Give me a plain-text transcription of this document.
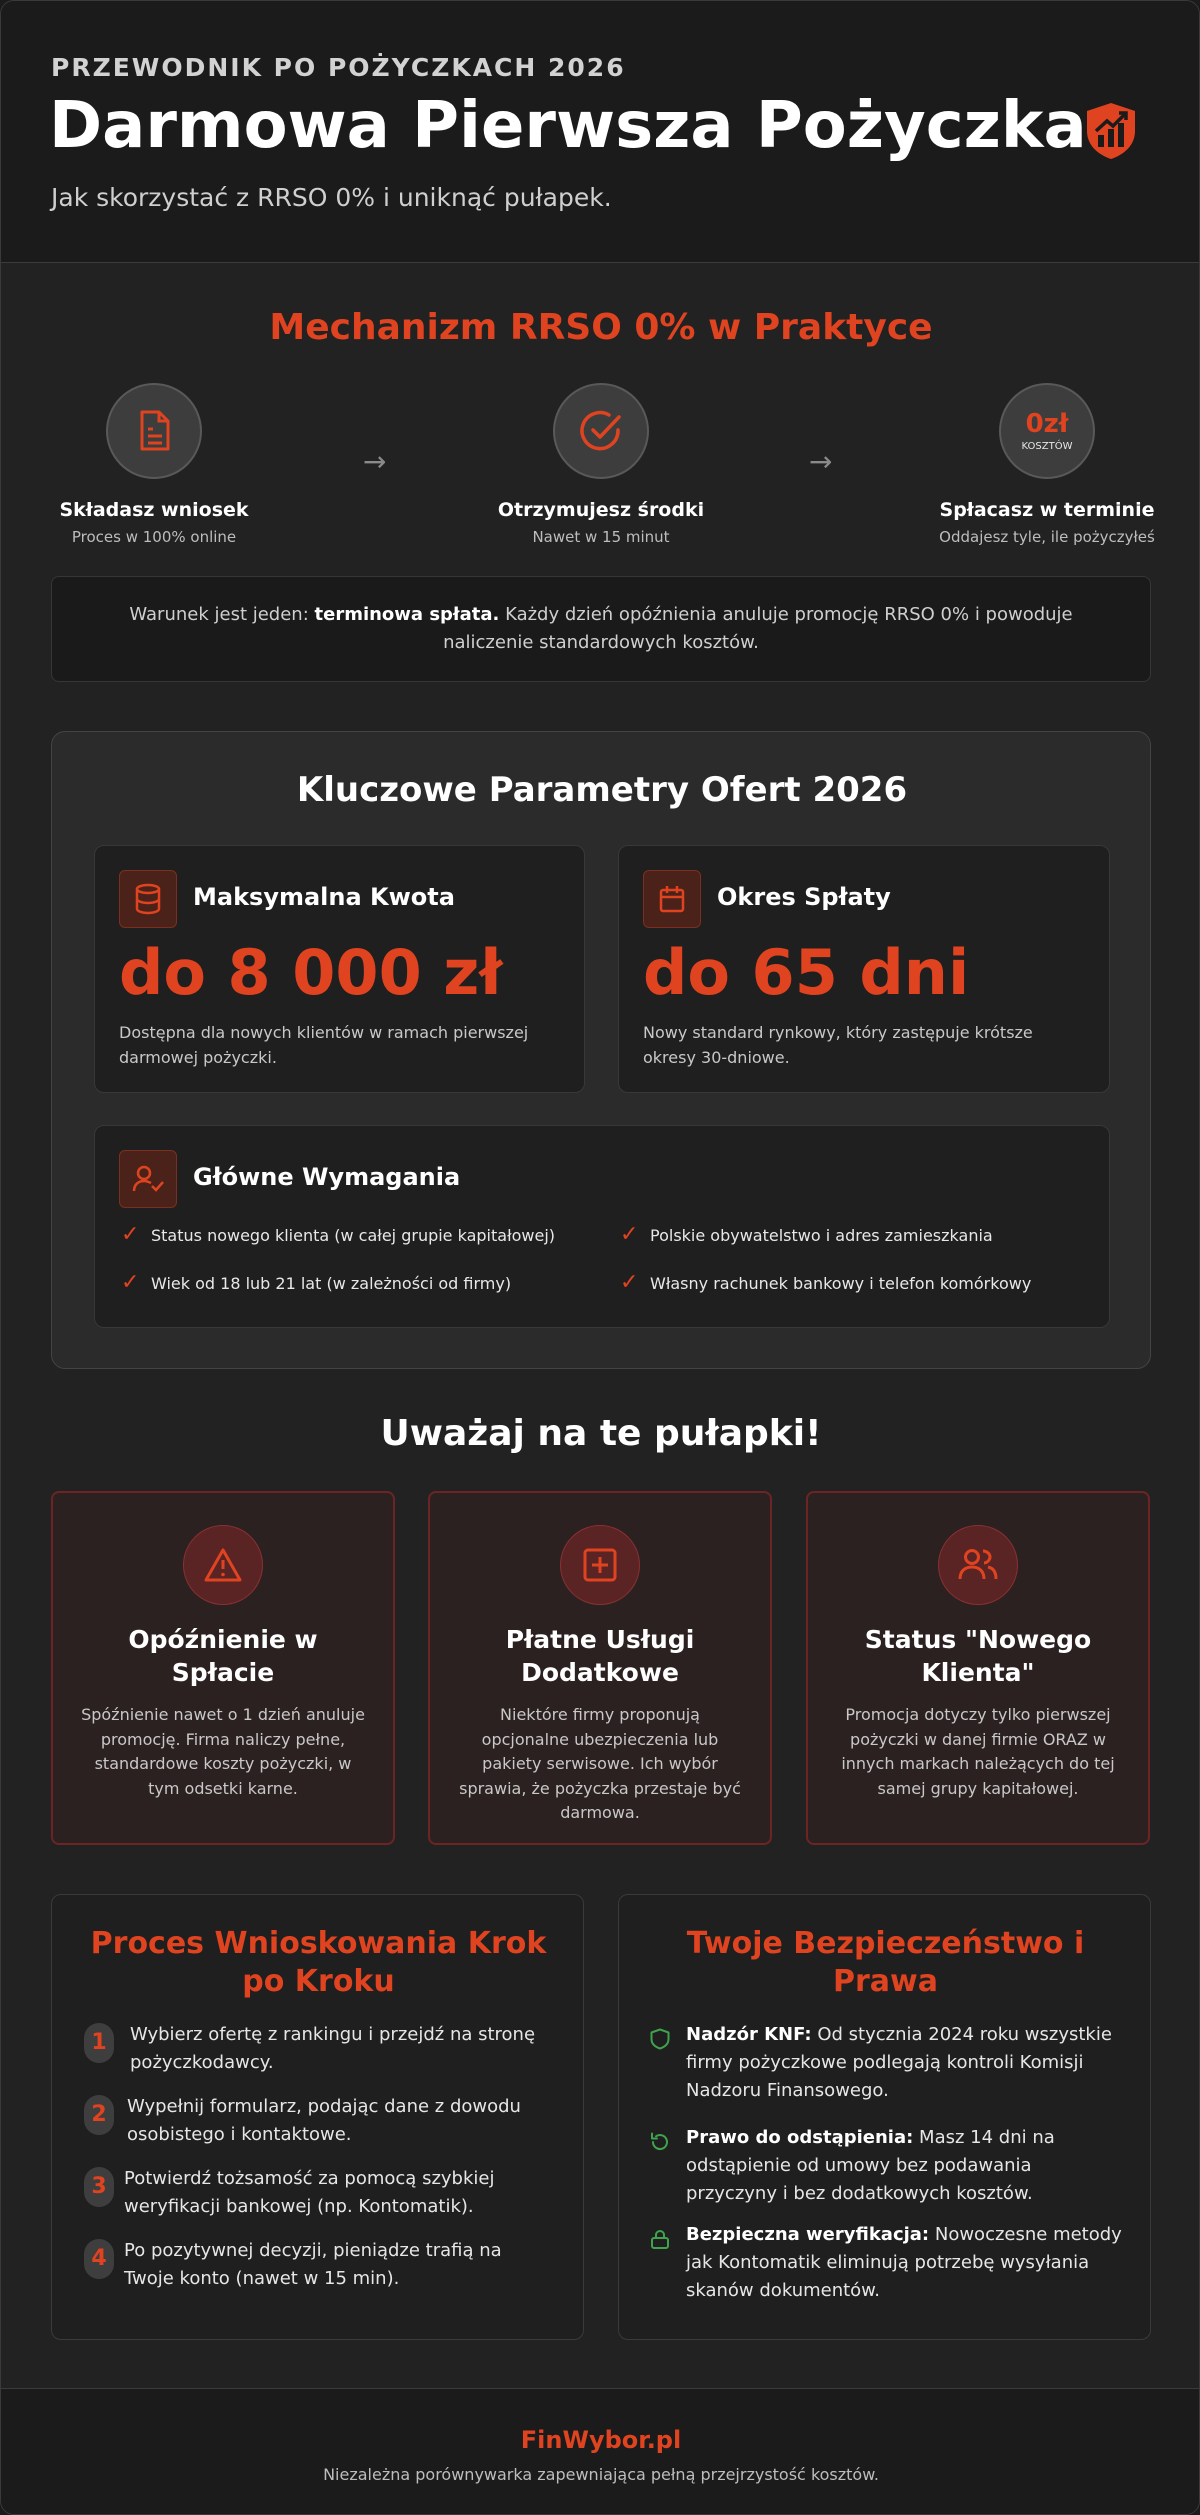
PRZEWODNIK PO POŻYCZKACH 2026
Darmowa Pierwsza Pożyczka
Jak skorzystać z RRSO 0% i uniknąć pułapek.
Mechanizm RRSO 0% w Praktyce
Składasz wniosek
Proces w 100% online
→
Otrzymujesz środki
Nawet w 15 minut
→
0zł
KOSZTÓW
Spłacasz w terminie
Oddajesz tyle, ile pożyczyłeś
Warunek jest jeden: terminowa spłata. Każdy dzień opóźnienia anuluje promocję RRSO 0% i powoduje naliczenie standardowych kosztów.
Kluczowe Parametry Ofert 2026
Maksymalna Kwota
do 8 000 zł
Dostępna dla nowych klientów w ramach pierwszej darmowej pożyczki.
Okres Spłaty
do 65 dni
Nowy standard rynkowy, który zastępuje krótsze okresy 30-dniowe.
Główne Wymagania
✓ Status nowego klienta (w całej grupie kapitałowej)	✓ Polskie obywatelstwo i adres zamieszkania
✓ Wiek od 18 lub 21 lat (w zależności od firmy)	✓ Własny rachunek bankowy i telefon komórkowy
Uważaj na te pułapki!
Opóźnienie w Spłacie
Spóźnienie nawet o 1 dzień anuluje promocję. Firma naliczy pełne, standardowe koszty pożyczki, w tym odsetki karne.
Płatne Usługi Dodatkowe
Niektóre firmy proponują opcjonalne ubezpieczenia lub pakiety serwisowe. Ich wybór sprawia, że pożyczka przestaje być darmowa.
Status "Nowego Klienta"
Promocja dotyczy tylko pierwszej pożyczki w danej firmie ORAZ w innych markach należących do tej samej grupy kapitałowej.
Proces Wnioskowania Krok po Kroku
1	Wybierz ofertę z rankingu i przejdź na stronę pożyczkodawcy.
2	Wypełnij formularz, podając dane z dowodu osobistego i kontaktowe.
3 Potwierdź tożsamość za pomocą szybkiej weryfikacji bankowej (np. Kontomatik).
4 Po pozytywnej decyzji, pieniądze trafią na Twoje konto (nawet w 15 min).
Twoje Bezpieczeństwo i Prawa
Nadzór KNF: Od stycznia 2024 roku wszystkie firmy pożyczkowe podlegają kontroli Komisji Nadzoru Finansowego.
Prawo do odstąpienia: Masz 14 dni na odstąpienie od umowy bez podawania przyczyny i bez dodatkowych kosztów.
Bezpieczna weryfikacja: Nowoczesne metody jak Kontomatik eliminują potrzebę wysyłania skanów dokumentów.
FinWybor.pl
Niezależna porównywarka zapewniająca pełną przejrzystość kosztów.
